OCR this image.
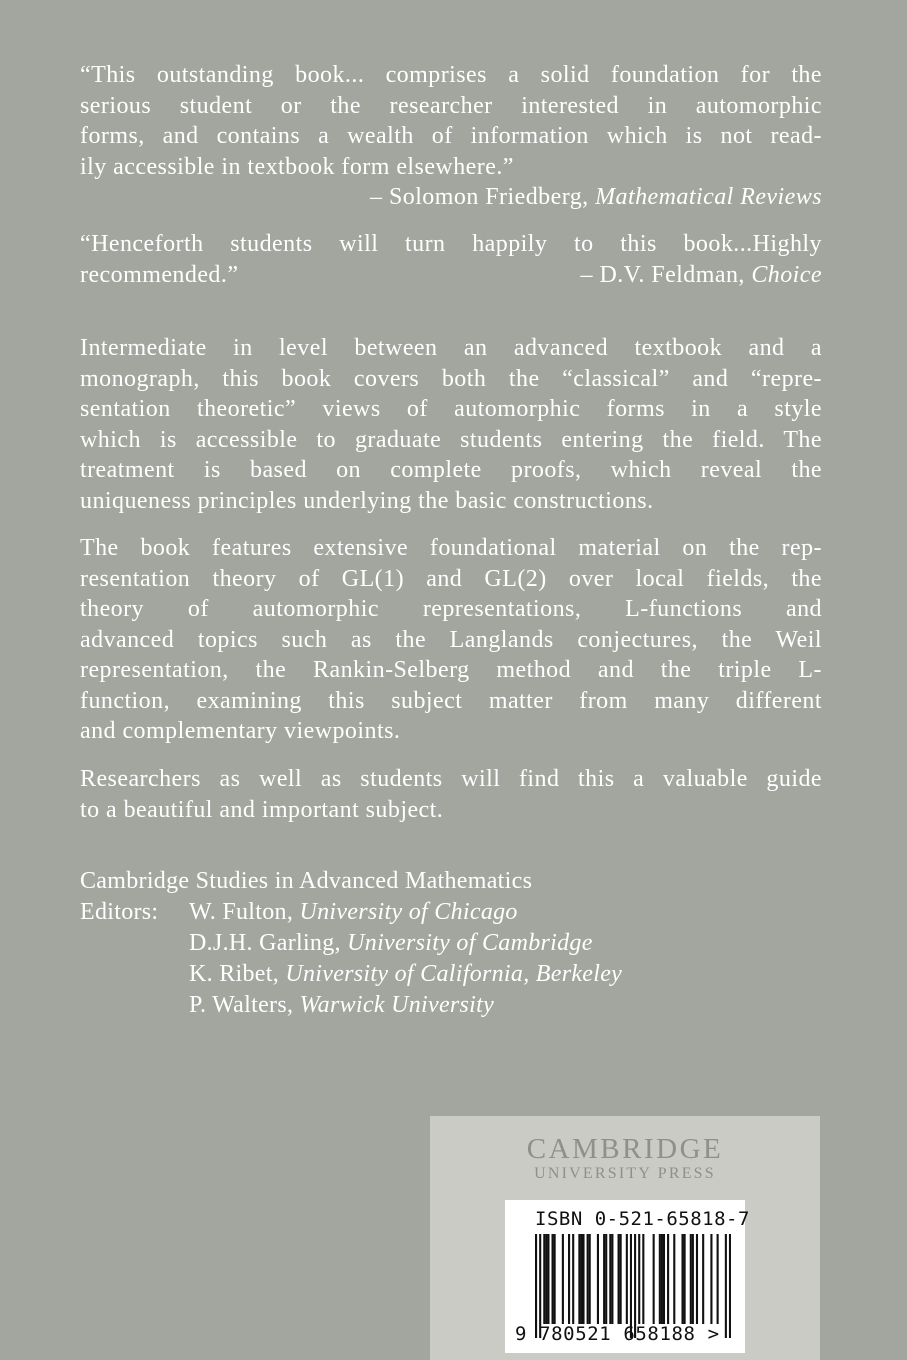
“This outstanding book... comprises a solid foundation for the
serious student or the researcher interested in automorphic
forms, and contains a wealth of information which is not read-
ily accessible in textbook form elsewhere.”
– Solomon Friedberg, Mathematical Reviews
“Henceforth students will turn happily to this book...Highly
recommended.”	– D.V. Feldman, Choice
Intermediate in level between an advanced textbook and a
monograph, this book covers both the “classical” and “repre-
sentation theoretic” views of automorphic forms in a style
which is accessible to graduate students entering the field. The
treatment is based on complete proofs, which reveal the
uniqueness principles underlying the basic constructions.
The book features extensive foundational material on the rep-
resentation theory of GL(1) and GL(2) over local fields, the
theory of automorphic representations, L-functions and
advanced topics such as the Langlands conjectures, the Weil
representation, the Rankin-Selberg method and the triple L-
function, examining this subject matter from many different
and complementary viewpoints.
Researchers as well as students will find this a valuable guide
to a beautiful and important subject.
Cambridge Studies in Advanced Mathematics
Editors:	W. Fulton, University of Chicago
D.J.H. Garling, University of Cambridge
K. Ribet, University of California, Berkeley
P. Walters, Warwick University
CAMBRIDGE
UNIVERSITY PRESS
ISBN 0-521-65818-7
9 780521 658188 >
